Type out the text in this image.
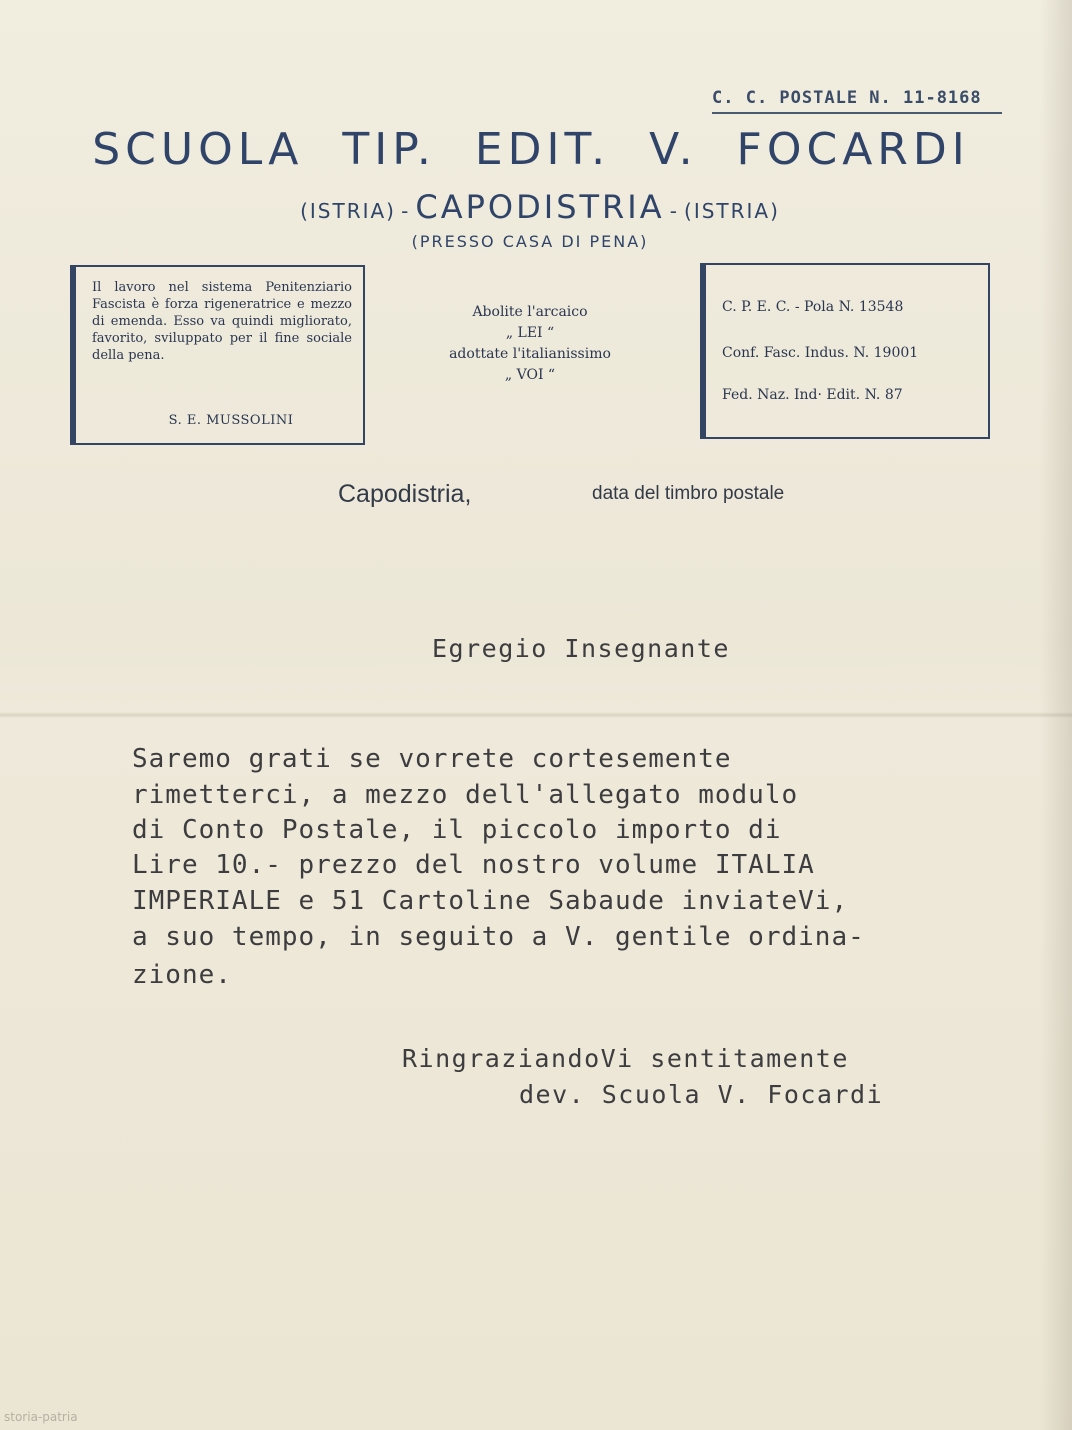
C. C. POSTALE N. 11-8168
SCUOLA TIP. EDIT. V. FOCARDI
(ISTRIA) - CAPODISTRIA - (ISTRIA)
(PRESSO CASA DI PENA)
Il lavoro nel sistema Penitenziario Fascista è forza rigeneratrice e mezzo di emenda. Esso va quindi migliorato, favorito, sviluppato per il fine sociale della pena.
S. E. MUSSOLINI
Abolite l'arcaico
„ LEI “
adottate l'italianissimo
„ VOI “
C. P. E. C. - Pola N. 13548
Conf. Fasc. Indus. N. 19001
Fed. Naz. Ind· Edit. N. 87
Capodistria,	data del timbro postale
Egregio Insegnante
Saremo grati se vorrete cortesemente
rimetterci, a mezzo dell'allegato modulo
di Conto Postale, il piccolo importo di
Lire 10.- prezzo del nostro volume ITALIA
IMPERIALE e 51 Cartoline Sabaude inviateVi,
a suo tempo, in seguito a V. gentile ordina-
zione.
RingraziandoVi sentitamente
dev. Scuola V. Focardi
storia-patria
